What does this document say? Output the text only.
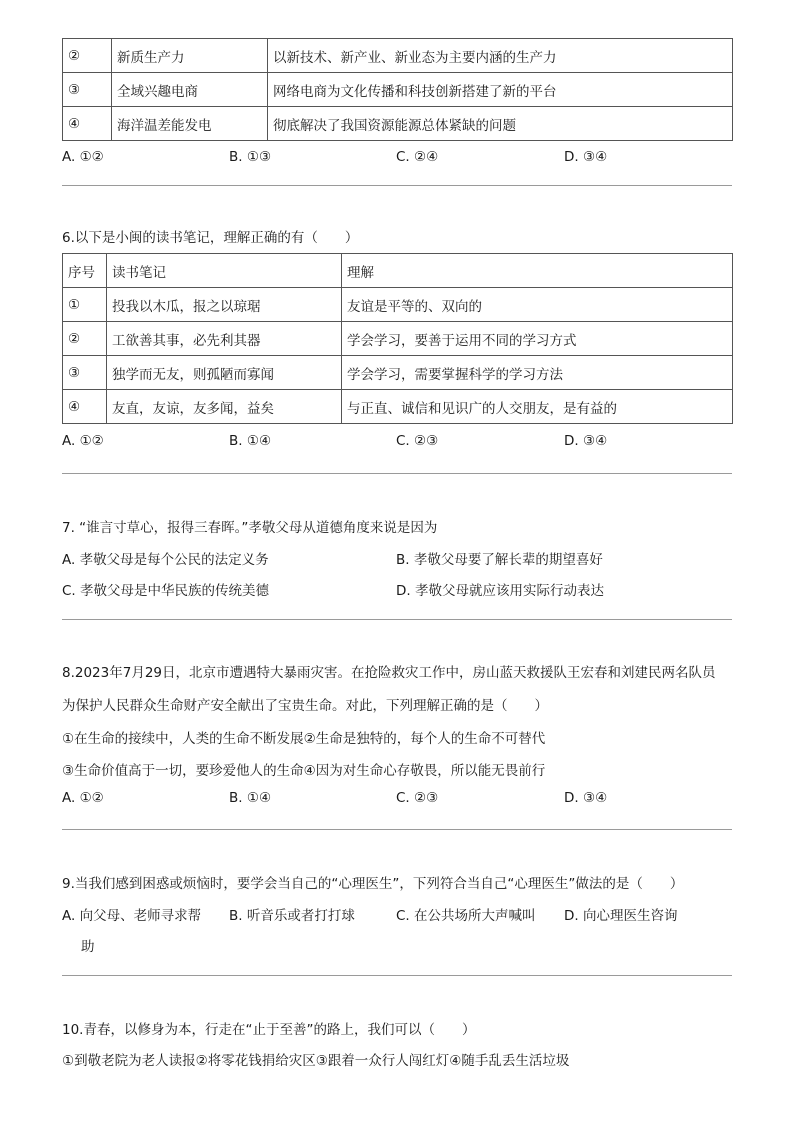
②	新质生产力	以新技术、新产业、新业态为主要内涵的生产力
③	全域兴趣电商	网络电商为文化传播和科技创新搭建了新的平台
④	海洋温差能发电	彻底解决了我国资源能源总体紧缺的问题
A. ①②	B. ①③	C. ②④	D. ③④
6.以下是小闽的读书笔记，理解正确的有（　　）
序号	读书笔记	理解
①	投我以木瓜，报之以琼琚	友谊是平等的、双向的
②	工欲善其事，必先利其器	学会学习，要善于运用不同的学习方式
③	独学而无友，则孤陋而寡闻	学会学习，需要掌握科学的学习方法
④	友直，友谅，友多闻，益矣	与正直、诚信和见识广的人交朋友，是有益的
A. ①②	B. ①④	C. ②③	D. ③④
7. “谁言寸草心，报得三春晖。”孝敬父母从道德角度来说是因为
A. 孝敬父母是每个公民的法定义务	B. 孝敬父母要了解长辈的期望喜好
C. 孝敬父母是中华民族的传统美德	D. 孝敬父母就应该用实际行动表达
8.2023年7月29日，北京市遭遇特大暴雨灾害。在抢险救灾工作中，房山蓝天救援队王宏春和刘建民两名队员
为保护人民群众生命财产安全献出了宝贵生命。对此，下列理解正确的是（　　）
①在生命的接续中，人类的生命不断发展②生命是独特的，每个人的生命不可替代
③生命价值高于一切，要珍爱他人的生命④因为对生命心存敬畏，所以能无畏前行
A. ①②	B. ①④	C. ②③	D. ③④
9.当我们感到困惑或烦恼时，要学会当自己的“心理医生”，下列符合当自己“心理医生”做法的是（　　）
A. 向父母、老师寻求帮 B. 听音乐或者打打球	C. 在公共场所大声喊叫 D. 向心理医生咨询
助
10.青春，以修身为本，行走在“止于至善”的路上，我们可以（　　）
①到敬老院为老人读报②将零花钱捐给灾区③跟着一众行人闯红灯④随手乱丢生活垃圾
